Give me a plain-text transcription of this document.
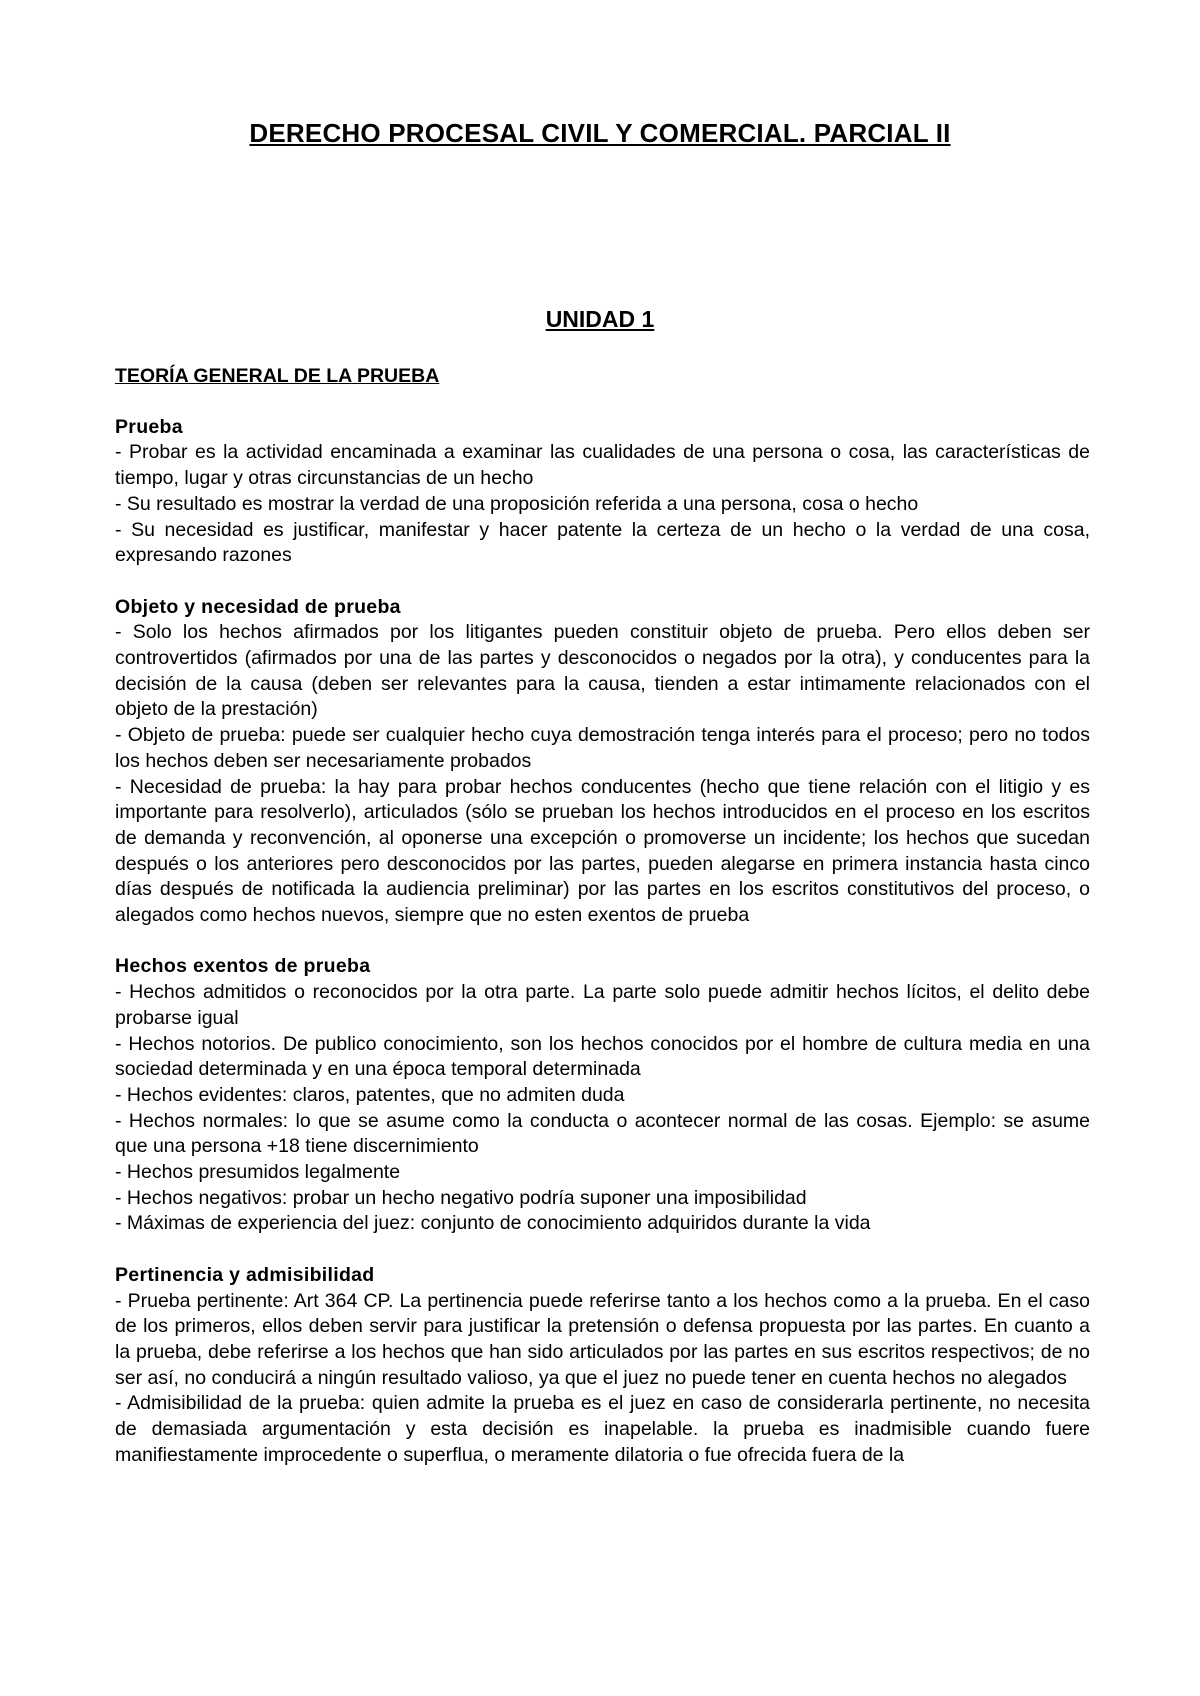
DERECHO PROCESAL CIVIL Y COMERCIAL. PARCIAL II
UNIDAD 1
TEORÍA GENERAL DE LA PRUEBA
Prueba
- Probar es la actividad encaminada a examinar las cualidades de una persona o cosa, las características de tiempo, lugar y otras circunstancias de un hecho
- Su resultado es mostrar la verdad de una proposición referida a una persona, cosa o hecho
- Su necesidad es justificar, manifestar y hacer patente la certeza de un hecho o la verdad de una cosa, expresando razones
Objeto y necesidad de prueba
- Solo los hechos afirmados por los litigantes pueden constituir objeto de prueba. Pero ellos deben ser controvertidos (afirmados por una de las partes y desconocidos o negados por la otra), y conducentes para la decisión de la causa (deben ser relevantes para la causa, tienden a estar intimamente relacionados con el objeto de la prestación)
- Objeto de prueba: puede ser cualquier hecho cuya demostración tenga interés para el proceso; pero no todos los hechos deben ser necesariamente probados
- Necesidad de prueba: la hay para probar hechos conducentes (hecho que tiene relación con el litigio y es importante para resolverlo), articulados (sólo se prueban los hechos introducidos en el proceso en los escritos de demanda y reconvención, al oponerse una excepción o promoverse un incidente; los hechos que sucedan después o los anteriores pero desconocidos por las partes, pueden alegarse en primera instancia hasta cinco días después de notificada la audiencia preliminar) por las partes en los escritos constitutivos del proceso, o alegados como hechos nuevos, siempre que no esten exentos de prueba
Hechos exentos de prueba
- Hechos admitidos o reconocidos por la otra parte. La parte solo puede admitir hechos lícitos, el delito debe probarse igual
- Hechos notorios. De publico conocimiento, son los hechos conocidos por el hombre de cultura media en una sociedad determinada y en una época temporal determinada
- Hechos evidentes: claros, patentes, que no admiten duda
- Hechos normales: lo que se asume como la conducta o acontecer normal de las cosas. Ejemplo: se asume que una persona +18 tiene discernimiento
- Hechos presumidos legalmente
- Hechos negativos: probar un hecho negativo podría suponer una imposibilidad
- Máximas de experiencia del juez: conjunto de conocimiento adquiridos durante la vida
Pertinencia y admisibilidad
- Prueba pertinente: Art 364 CP. La pertinencia puede referirse tanto a los hechos como a la prueba. En el caso de los primeros, ellos deben servir para justificar la pretensión o defensa propuesta por las partes. En cuanto a la prueba, debe referirse a los hechos que han sido articulados por las partes en sus escritos respectivos; de no ser así, no conducirá a ningún resultado valioso, ya que el juez no puede tener en cuenta hechos no alegados
- Admisibilidad de la prueba: quien admite la prueba es el juez en caso de considerarla pertinente, no necesita de demasiada argumentación y esta decisión es inapelable. la prueba es inadmisible cuando fuere manifiestamente improcedente o superflua, o meramente dilatoria o fue ofrecida fuera de la
